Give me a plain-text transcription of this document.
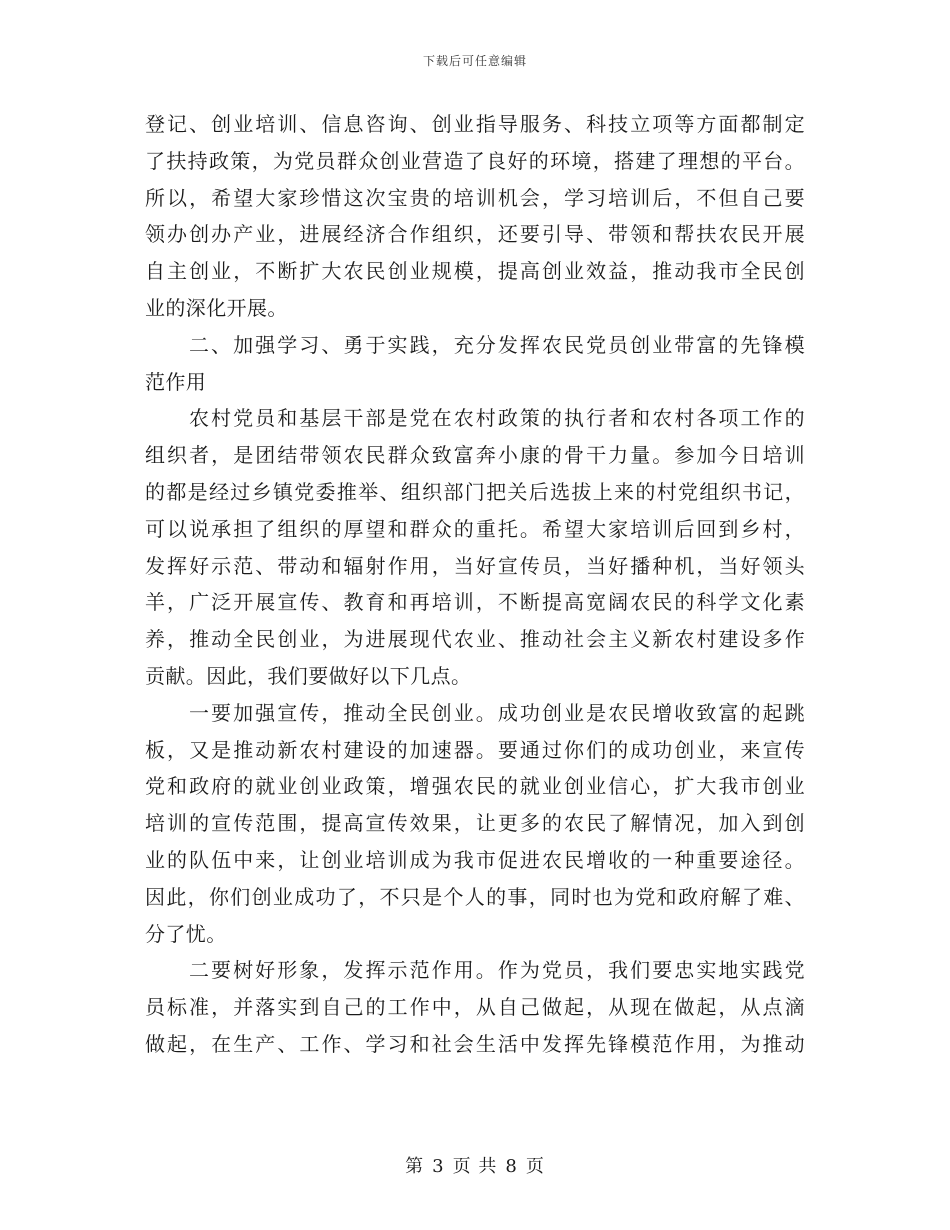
下载后可任意编辑
登记、创业培训、信息咨询、创业指导服务、科技立项等方面都制定
了扶持政策，为党员群众创业营造了良好的环境，搭建了理想的平台。
所以，希望大家珍惜这次宝贵的培训机会，学习培训后，不但自己要
领办创办产业，进展经济合作组织，还要引导、带领和帮扶农民开展
自主创业，不断扩大农民创业规模，提高创业效益，推动我市全民创
业的深化开展。
二、加强学习、勇于实践，充分发挥农民党员创业带富的先锋模
范作用
农村党员和基层干部是党在农村政策的执行者和农村各项工作的
组织者，是团结带领农民群众致富奔小康的骨干力量。参加今日培训
的都是经过乡镇党委推举、组织部门把关后选拔上来的村党组织书记，
可以说承担了组织的厚望和群众的重托。希望大家培训后回到乡村，
发挥好示范、带动和辐射作用，当好宣传员，当好播种机，当好领头
羊，广泛开展宣传、教育和再培训，不断提高宽阔农民的科学文化素
养，推动全民创业，为进展现代农业、推动社会主义新农村建设多作
贡献。因此，我们要做好以下几点。
一要加强宣传，推动全民创业。成功创业是农民增收致富的起跳
板，又是推动新农村建设的加速器。要通过你们的成功创业，来宣传
党和政府的就业创业政策，增强农民的就业创业信心，扩大我市创业
培训的宣传范围，提高宣传效果，让更多的农民了解情况，加入到创
业的队伍中来，让创业培训成为我市促进农民增收的一种重要途径。
因此，你们创业成功了，不只是个人的事，同时也为党和政府解了难、
分了忧。
二要树好形象，发挥示范作用。作为党员，我们要忠实地实践党
员标准，并落实到自己的工作中，从自己做起，从现在做起，从点滴
做起，在生产、工作、学习和社会生活中发挥先锋模范作用，为推动
第 3 页 共 8 页
